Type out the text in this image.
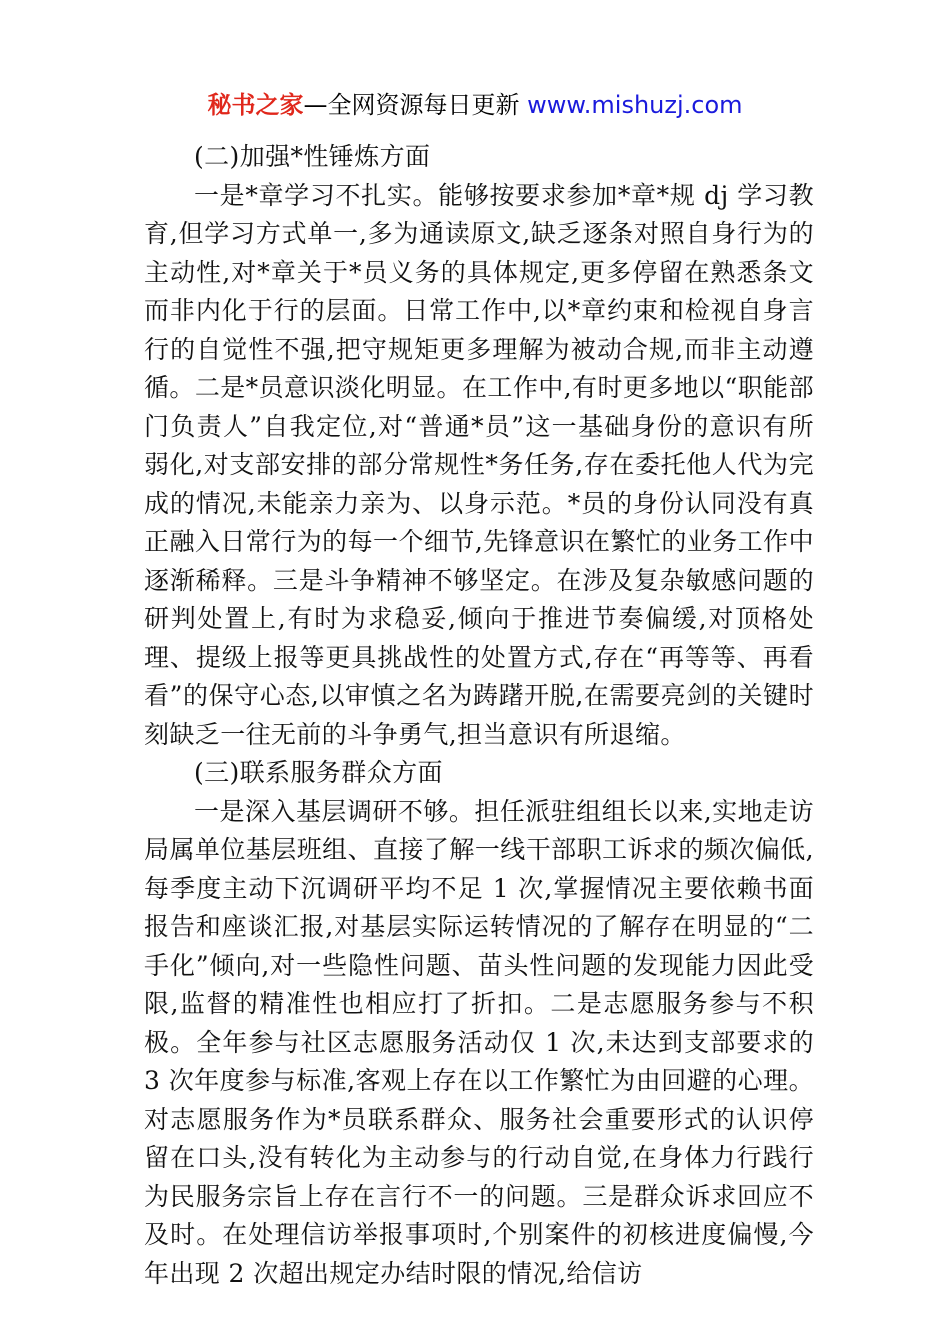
秘书之家—全网资源每日更新 www.mishuzj.com

(二)加强*性锤炼方面

一是*章学习不扎实。能够按要求参加*章*规 dj 学习教育,但学习方式单一,多为通读原文,缺乏逐条对照自身行为的主动性,对*章关于*员义务的具体规定,更多停留在熟悉条文而非内化于行的层面。日常工作中,以*章约束和检视自身言行的自觉性不强,把守规矩更多理解为被动合规,而非主动遵循。二是*员意识淡化明显。在工作中,有时更多地以“职能部门负责人”自我定位,对“普通*员”这一基础身份的意识有所弱化,对支部安排的部分常规性*务任务,存在委托他人代为完成的情况,未能亲力亲为、以身示范。*员的身份认同没有真正融入日常行为的每一个细节,先锋意识在繁忙的业务工作中逐渐稀释。三是斗争精神不够坚定。在涉及复杂敏感问题的研判处置上,有时为求稳妥,倾向于推进节奏偏缓,对顶格处理、提级上报等更具挑战性的处置方式,存在“再等等、再看看”的保守心态,以审慎之名为踌躇开脱,在需要亮剑的关键时刻缺乏一往无前的斗争勇气,担当意识有所退缩。

(三)联系服务群众方面

一是深入基层调研不够。担任派驻组组长以来,实地走访局属单位基层班组、直接了解一线干部职工诉求的频次偏低,每季度主动下沉调研平均不足 1 次,掌握情况主要依赖书面报告和座谈汇报,对基层实际运转情况的了解存在明显的“二手化”倾向,对一些隐性问题、苗头性问题的发现能力因此受限,监督的精准性也相应打了折扣。二是志愿服务参与不积极。全年参与社区志愿服务活动仅 1 次,未达到支部要求的 3 次年度参与标准,客观上存在以工作繁忙为由回避的心理。对志愿服务作为*员联系群众、服务社会重要形式的认识停留在口头,没有转化为主动参与的行动自觉,在身体力行践行为民服务宗旨上存在言行不一的问题。三是群众诉求回应不及时。在处理信访举报事项时,个别案件的初核进度偏慢,今年出现 2 次超出规定办结时限的情况,给信访
